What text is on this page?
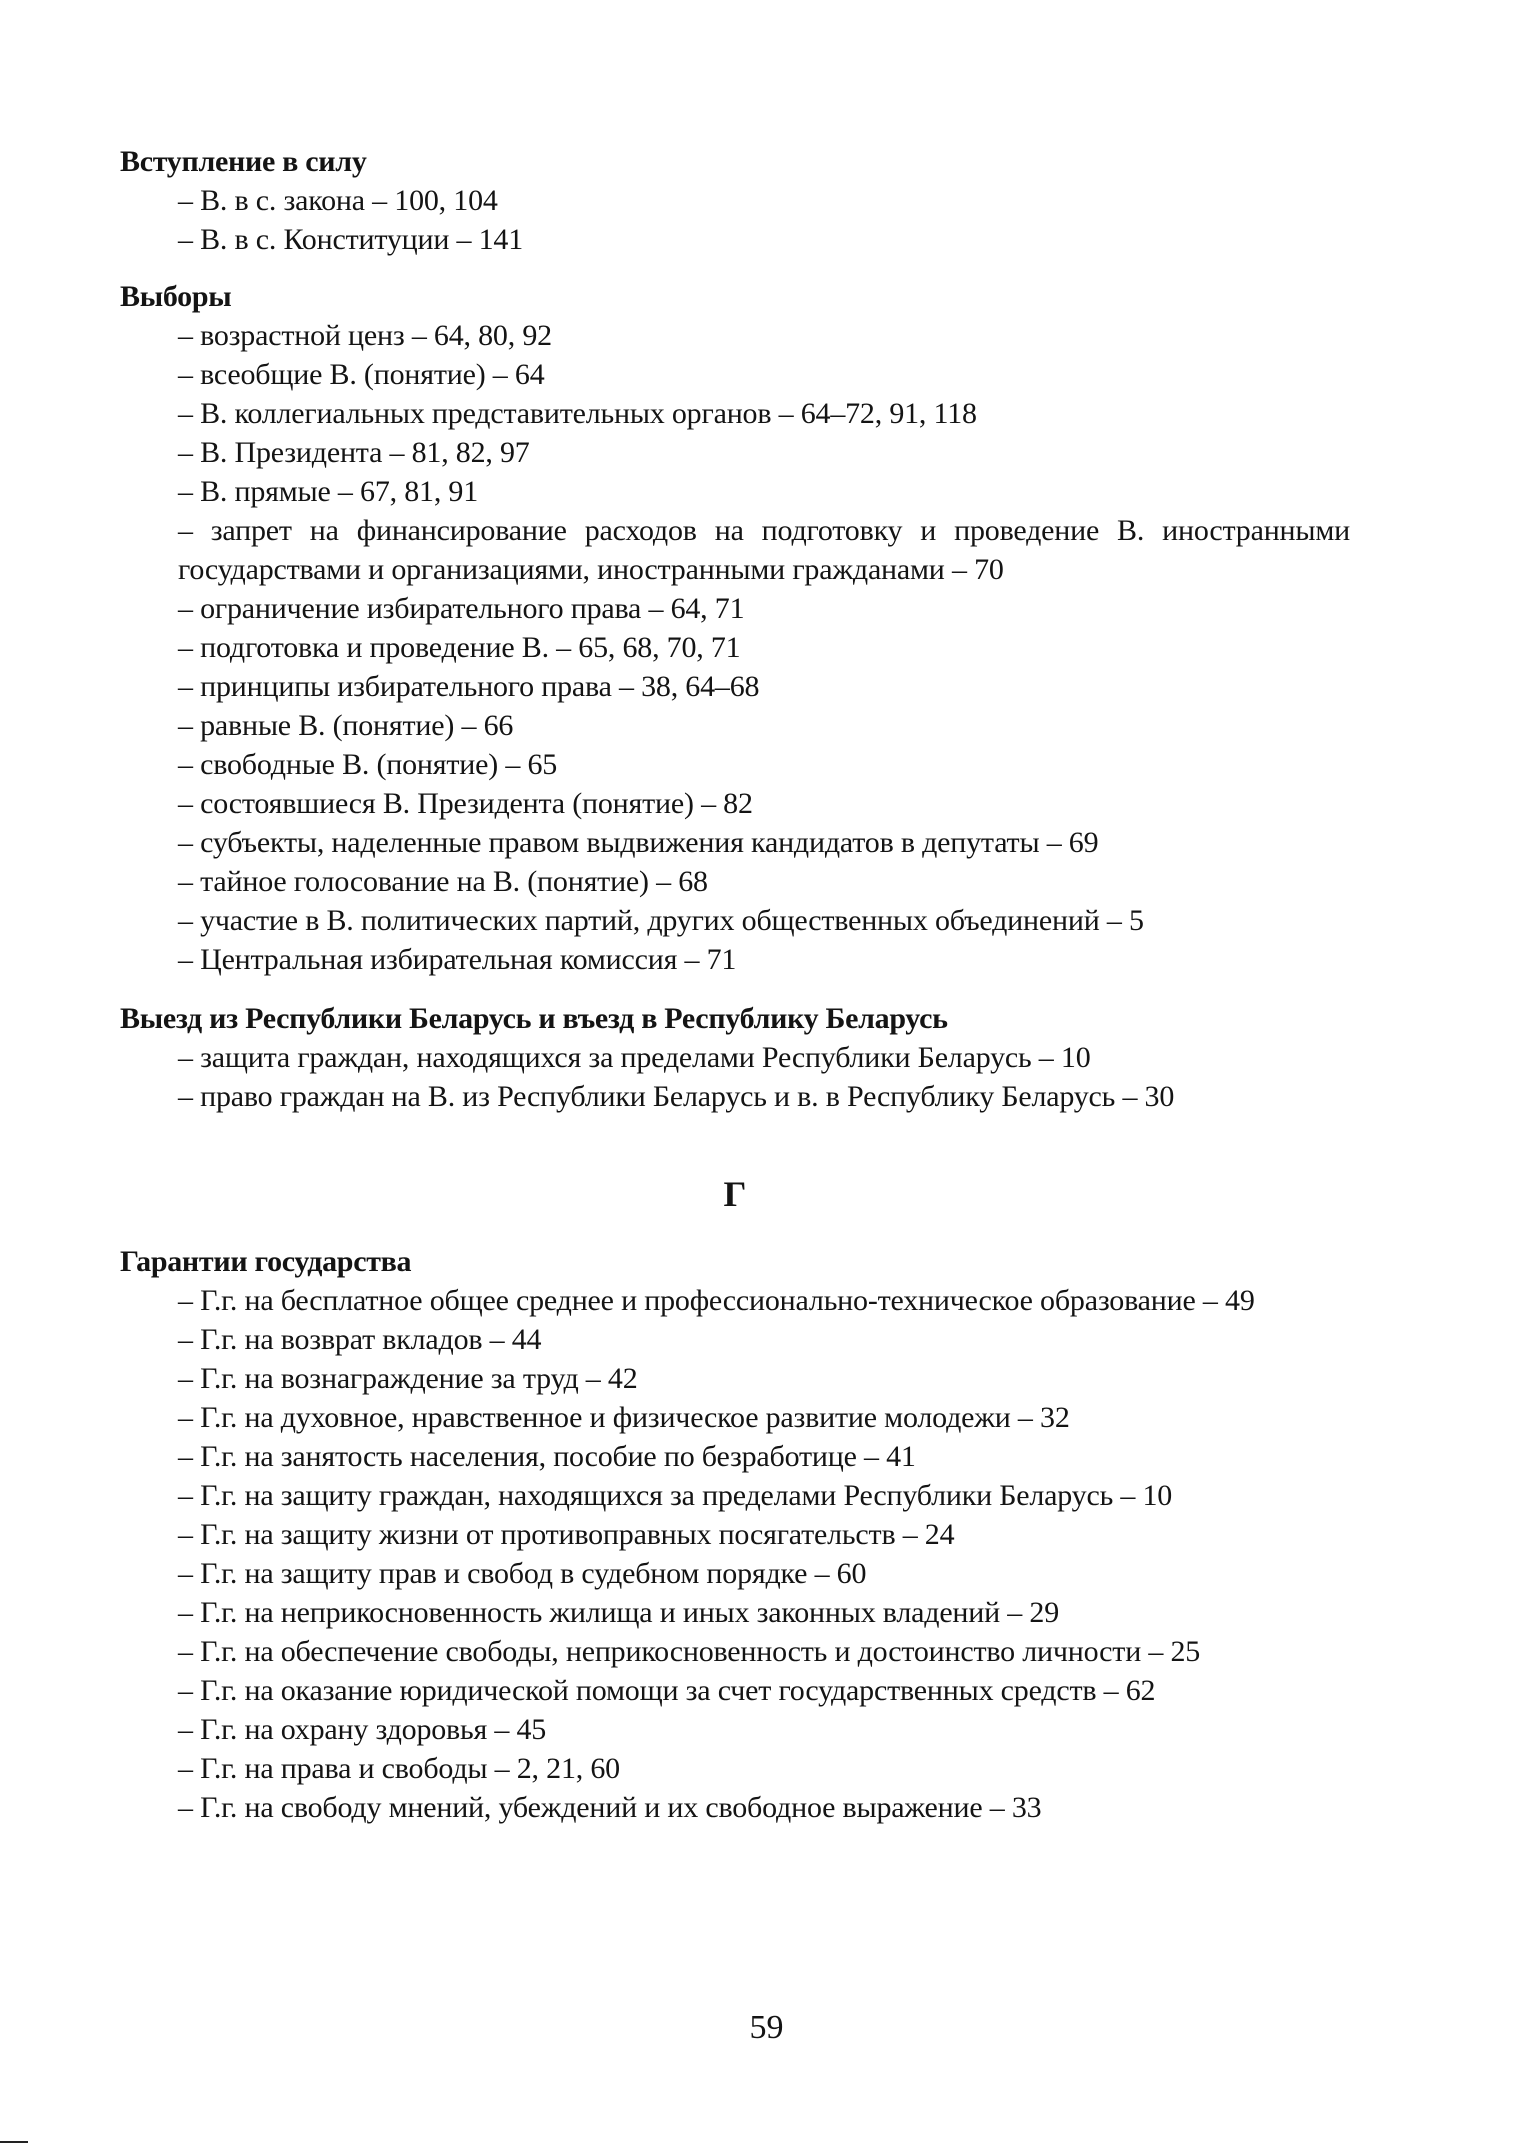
Вступление в силу
– В. в с. закона – 100, 104
– В. в с. Конституции – 141
Выборы
– возрастной ценз – 64, 80, 92
– всеобщие В. (понятие) – 64
– В. коллегиальных представительных органов – 64–72, 91, 118
– В. Президента – 81, 82, 97
– В. прямые – 67, 81, 91
– запрет на финансирование расходов на подготовку и проведение В. иностранными государствами и организациями, иностранными гражданами – 70
– ограничение избирательного права – 64, 71
– подготовка и проведение В. – 65, 68, 70, 71
– принципы избирательного права – 38, 64–68
– равные В. (понятие) – 66
– свободные В. (понятие) – 65
– состоявшиеся В. Президента (понятие) – 82
– субъекты, наделенные правом выдвижения кандидатов в депутаты – 69
– тайное голосование на В. (понятие) – 68
– участие в В. политических партий, других общественных объединений – 5
– Центральная избирательная комиссия – 71
Выезд из Республики Беларусь и въезд в Республику Беларусь
– защита граждан, находящихся за пределами Республики Беларусь – 10
– право граждан на В. из Республики Беларусь и в. в Республику Беларусь – 30
Г
Гарантии государства
– Г.г. на бесплатное общее среднее и профессионально-техническое образование – 49
– Г.г. на возврат вкладов – 44
– Г.г. на вознаграждение за труд – 42
– Г.г. на духовное, нравственное и физическое развитие молодежи – 32
– Г.г. на занятость населения, пособие по безработице – 41
– Г.г. на защиту граждан, находящихся за пределами Республики Беларусь – 10
– Г.г. на защиту жизни от противоправных посягательств – 24
– Г.г. на защиту прав и свобод в судебном порядке – 60
– Г.г. на неприкосновенность жилища и иных законных владений – 29
– Г.г. на обеспечение свободы, неприкосновенность и достоинство личности – 25
– Г.г. на оказание юридической помощи за счет государственных средств – 62
– Г.г. на охрану здоровья – 45
– Г.г. на права и свободы – 2, 21, 60
– Г.г. на свободу мнений, убеждений и их свободное выражение – 33
59
